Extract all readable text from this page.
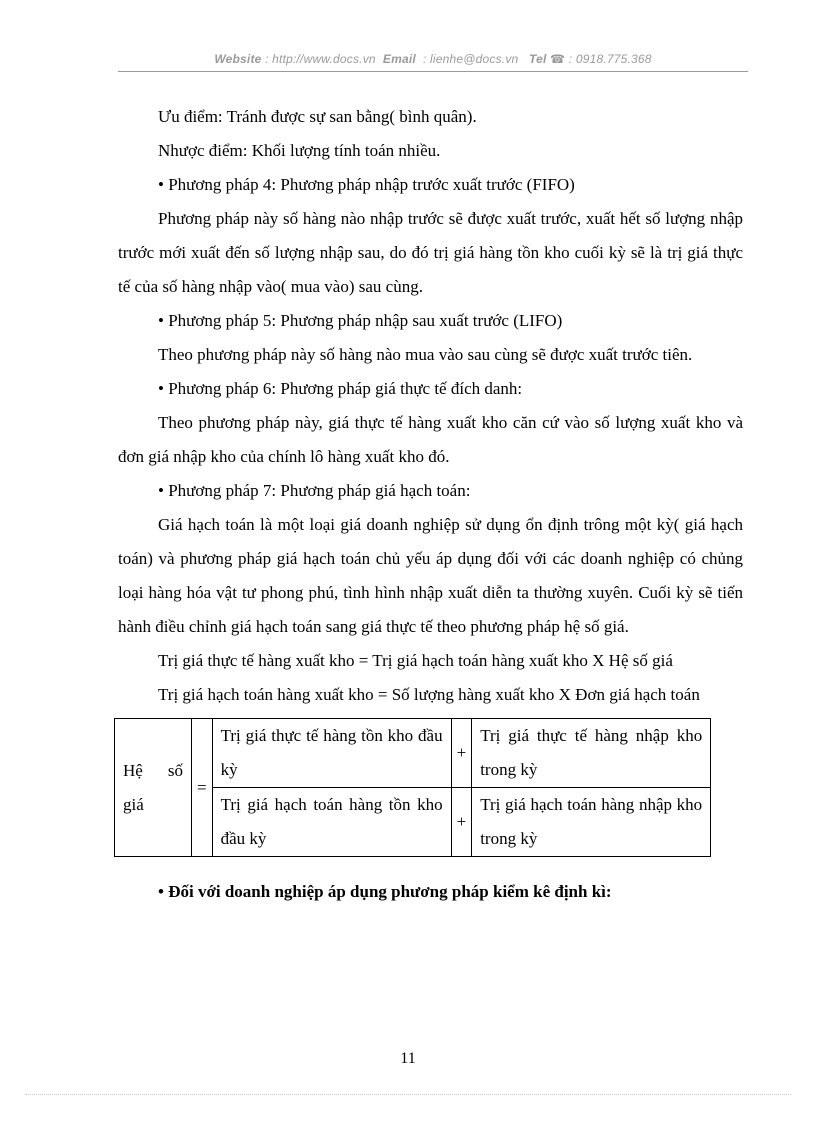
Website : http://www.docs.vn Email : lienhe@docs.vn Tel ☎ : 0918.775.368

Ưu điểm: Tránh được sự san bằng( bình quân).

Nhược điểm: Khối lượng tính toán nhiều.

• Phương pháp 4: Phương pháp nhập trước xuất trước (FIFO)

Phương pháp này số hàng nào nhập trước sẽ được xuất trước, xuất hết số lượng nhập trước mới xuất đến số lượng nhập sau, do đó trị giá hàng tồn kho cuối kỳ sẽ là trị giá thực tế của số hàng nhập vào( mua vào) sau cùng.

• Phương pháp 5: Phương pháp nhập sau xuất trước (LIFO)

Theo phương pháp này số hàng nào mua vào sau cùng sẽ được xuất trước tiên.

• Phương pháp 6: Phương pháp giá thực tế đích danh:

Theo phương pháp này, giá thực tế hàng xuất kho căn cứ vào số lượng xuất kho và đơn giá nhập kho của chính lô hàng xuất kho đó.

• Phương pháp 7: Phương pháp giá hạch toán:

Giá hạch toán là một loại giá doanh nghiệp sử dụng ổn định trông một kỳ( giá hạch toán) và phương pháp giá hạch toán chủ yếu áp dụng đối với các doanh nghiệp có chủng loại hàng hóa vật tư phong phú, tình hình nhập xuất diễn ta thường xuyên. Cuối kỳ sẽ tiến hành điều chỉnh giá hạch toán sang giá thực tế theo phương pháp hệ số giá.

Trị giá thực tế hàng xuất kho = Trị giá hạch toán hàng xuất kho X Hệ số giá

Trị giá hạch toán hàng xuất kho = Số lượng hàng xuất kho X Đơn giá hạch toán

Hệ số giá	=	Trị giá thực tế hàng tồn kho đầu kỳ	+	Trị giá thực tế hàng nhập kho trong kỳ
		Trị giá hạch toán hàng tồn kho đầu kỳ	+	Trị giá hạch toán hàng nhập kho trong kỳ

• Đối với doanh nghiệp áp dụng phương pháp kiểm kê định kì:

11
